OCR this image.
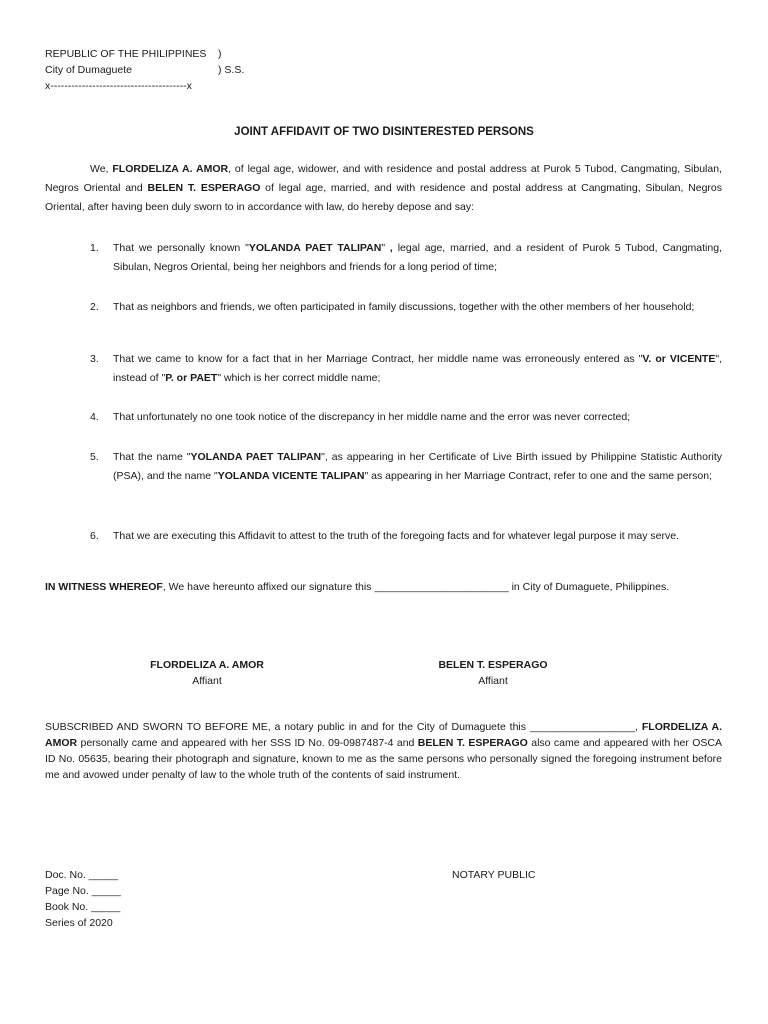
REPUBLIC OF THE PHILIPPINES )
City of Dumaguete	) S.S.
x---------------------------------------x
JOINT AFFIDAVIT OF TWO DISINTERESTED PERSONS
We, FLORDELIZA A. AMOR, of legal age, widower, and with residence and postal address at Purok 5 Tubod, Cangmating, Sibulan, Negros Oriental and BELEN T. ESPERAGO of legal age, married, and with residence and postal address at Cangmating, Sibulan, Negros Oriental, after having been duly sworn to in accordance with law, do hereby depose and say:
1. That we personally known "YOLANDA PAET TALIPAN" , legal age, married, and a resident of Purok 5 Tubod, Cangmating, Sibulan, Negros Oriental, being her neighbors and friends for a long period of time;
2. That as neighbors and friends, we often participated in family discussions, together with the other members of her household;
3. That we came to know for a fact that in her Marriage Contract, her middle name was erroneously entered as "V. or VICENTE", instead of "P. or PAET" which is her correct middle name;
4. That unfortunately no one took notice of the discrepancy in her middle name and the error was never corrected;
5. That the name "YOLANDA PAET TALIPAN", as appearing in her Certificate of Live Birth issued by Philippine Statistic Authority (PSA), and the name "YOLANDA VICENTE TALIPAN" as appearing in her Marriage Contract, refer to one and the same person;
6. That we are executing this Affidavit to attest to the truth of the foregoing facts and for whatever legal purpose it may serve.
IN WITNESS WHEREOF, We have hereunto affixed our signature this _______________________ in City of Dumaguete, Philippines.
FLORDELIZA A. AMOR
Affiant
BELEN T. ESPERAGO
Affiant
SUBSCRIBED AND SWORN TO BEFORE ME, a notary public in and for the City of Dumaguete this __________________, FLORDELIZA A. AMOR personally came and appeared with her SSS ID No. 09-0987487-4 and BELEN T. ESPERAGO also came and appeared with her OSCA ID No. 05635, bearing their photograph and signature, known to me as the same persons who personally signed the foregoing instrument before me and avowed under penalty of law to the whole truth of the contents of said instrument.
Doc. No. _____
Page No. _____
Book No. _____
Series of 2020
NOTARY PUBLIC
